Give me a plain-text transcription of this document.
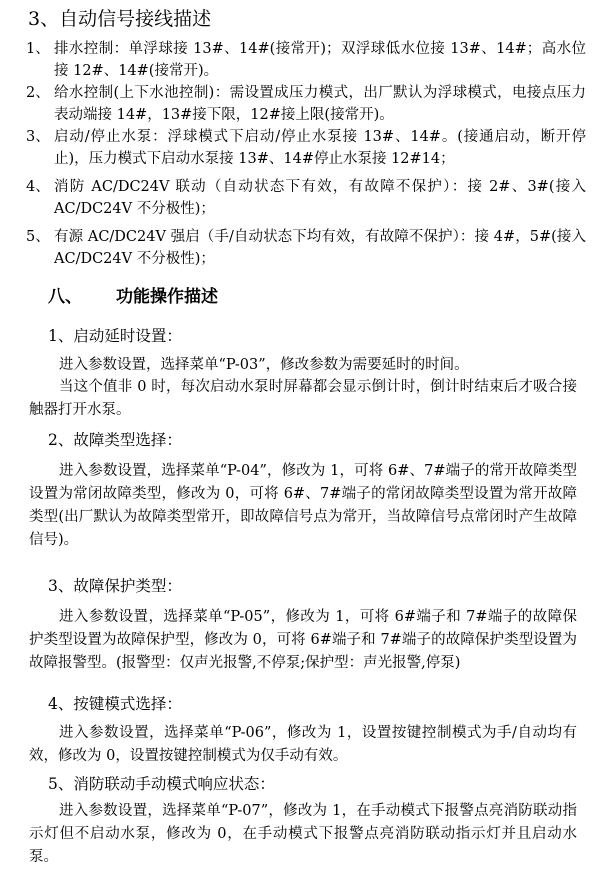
3、自动信号接线描述
1、 排水控制：单浮球接 13#、14#(接常开)；双浮球低水位接 13#、14#；高水位接 12#、14#(接常开)。
2、 给水控制(上下水池控制)：需设置成压力模式，出厂默认为浮球模式，电接点压力表动端接 14#，13#接下限，12#接上限(接常开)。
3、 启动/停止水泵：浮球模式下启动/停止水泵接 13#、14#。(接通启动，断开停止)，压力模式下启动水泵接 13#、14#停止水泵接 12#14；
4、 消防 AC/DC24V 联动（自动状态下有效，有故障不保护）：接 2#、3#(接入AC/DC24V 不分极性)；
5、 有源 AC/DC24V 强启（手/自动状态下均有效，有故障不保护）：接 4#，5#(接入 AC/DC24V 不分极性)；
八、 功能操作描述
1、启动延时设置：
进入参数设置，选择菜单“P-03”，修改参数为需要延时的时间。
当这个值非 0 时，每次启动水泵时屏幕都会显示倒计时，倒计时结束后才吸合接触器打开水泵。
2、故障类型选择：
进入参数设置，选择菜单“P-04”，修改为 1，可将 6#、7#端子的常开故障类型设置为常闭故障类型，修改为 0，可将 6#、7#端子的常闭故障类型设置为常开故障类型(出厂默认为故障类型常开，即故障信号点为常开，当故障信号点常闭时产生故障信号)。
3、故障保护类型：
进入参数设置，选择菜单“P-05”，修改为 1，可将 6#端子和 7#端子的故障保护类型设置为故障保护型，修改为 0，可将 6#端子和 7#端子的故障保护类型设置为故障报警型。(报警型：仅声光报警,不停泵;保护型：声光报警,停泵)
4、按键模式选择：
进入参数设置，选择菜单“P-06”，修改为 1，设置按键控制模式为手/自动均有效，修改为 0，设置按键控制模式为仅手动有效。
5、消防联动手动模式响应状态：
进入参数设置，选择菜单“P-07”，修改为 1，在手动模式下报警点亮消防联动指示灯但不启动水泵，修改为 0，在手动模式下报警点亮消防联动指示灯并且启动水泵。
